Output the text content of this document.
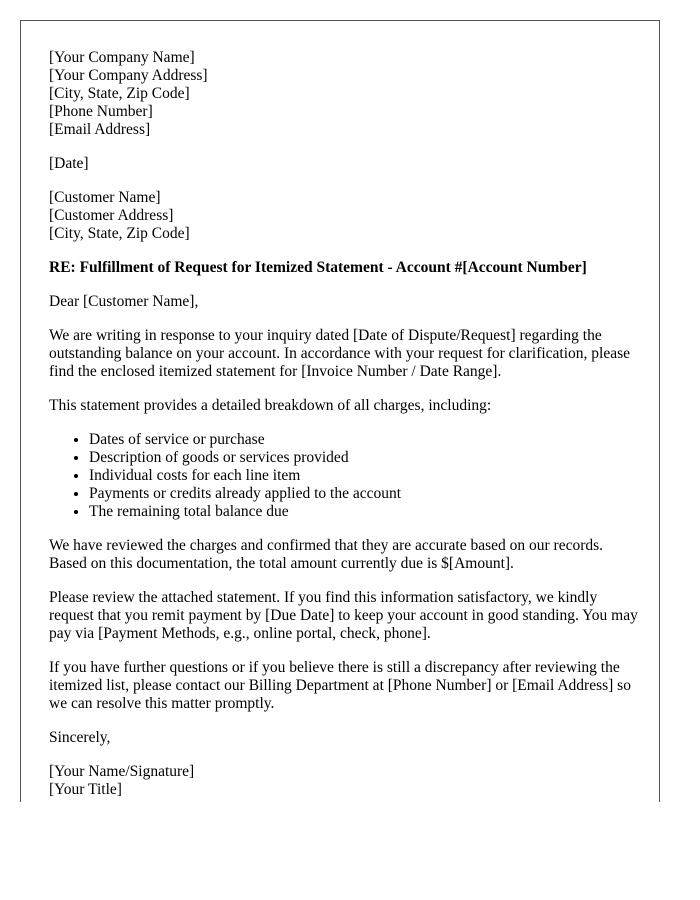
[Your Company Name]
[Your Company Address]
[City, State, Zip Code]
[Phone Number]
[Email Address]
[Date]
[Customer Name]
[Customer Address]
[City, State, Zip Code]
RE: Fulfillment of Request for Itemized Statement - Account #[Account Number]

Dear [Customer Name],

We are writing in response to your inquiry dated [Date of Dispute/Request] regarding the outstanding balance on your account. In accordance with your request for clarification, please find the enclosed itemized statement for [Invoice Number / Date Range].

This statement provides a detailed breakdown of all charges, including:

• Dates of service or purchase
• Description of goods or services provided
• Individual costs for each line item
• Payments or credits already applied to the account
• The remaining total balance due

We have reviewed the charges and confirmed that they are accurate based on our records. Based on this documentation, the total amount currently due is $[Amount].

Please review the attached statement. If you find this information satisfactory, we kindly request that you remit payment by [Due Date] to keep your account in good standing. You may pay via [Payment Methods, e.g., online portal, check, phone].

If you have further questions or if you believe there is still a discrepancy after reviewing the itemized list, please contact our Billing Department at [Phone Number] or [Email Address] so we can resolve this matter promptly.

Sincerely,

[Your Name/Signature]
[Your Title]
